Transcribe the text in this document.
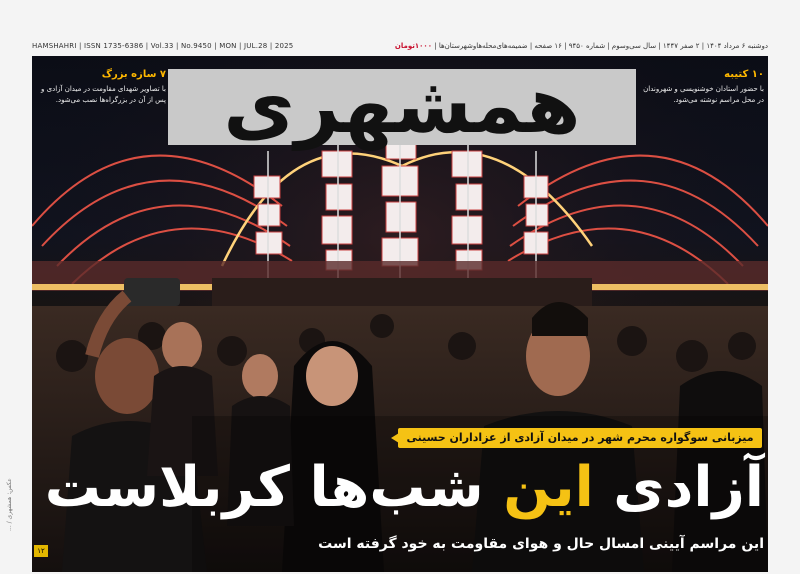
HAMSHAHRI | ISSN 1735-6386 | Vol.33 | No.9450 | MON | JUL.28 | 2025	دوشنبه ۶ مرداد ۱۴۰۴ | ۲ صفر ۱۴۴۷ | سال سی‌وسوم | شماره ۹۴۵۰ | ۱۶ صفحه | ضمیمه‌ها‌ی‌محله‌ها‌و‌شهرستان‌‌ها | ۱۰۰۰تومان
همشهری
۷ سازه بزرگ
با تصاویر شهدای مقاومت در میدان آزادی و پس از آن در بزرگراه‌ها نصب می‌شود.
۱۰ کتیبه
با حضور استادان خوشنویسی و شهروندان در محل مراسم نوشته می‌شود.
میزبانی سوگواره محرم شهر در میدان آزادی از عزاداران حسینی
آزادی این شب‌ها کربلاست
این مراسم آیینی امسال حال و هوای مقاومت به خود گرفته است
۱۲
عکس: همشهری / ...
